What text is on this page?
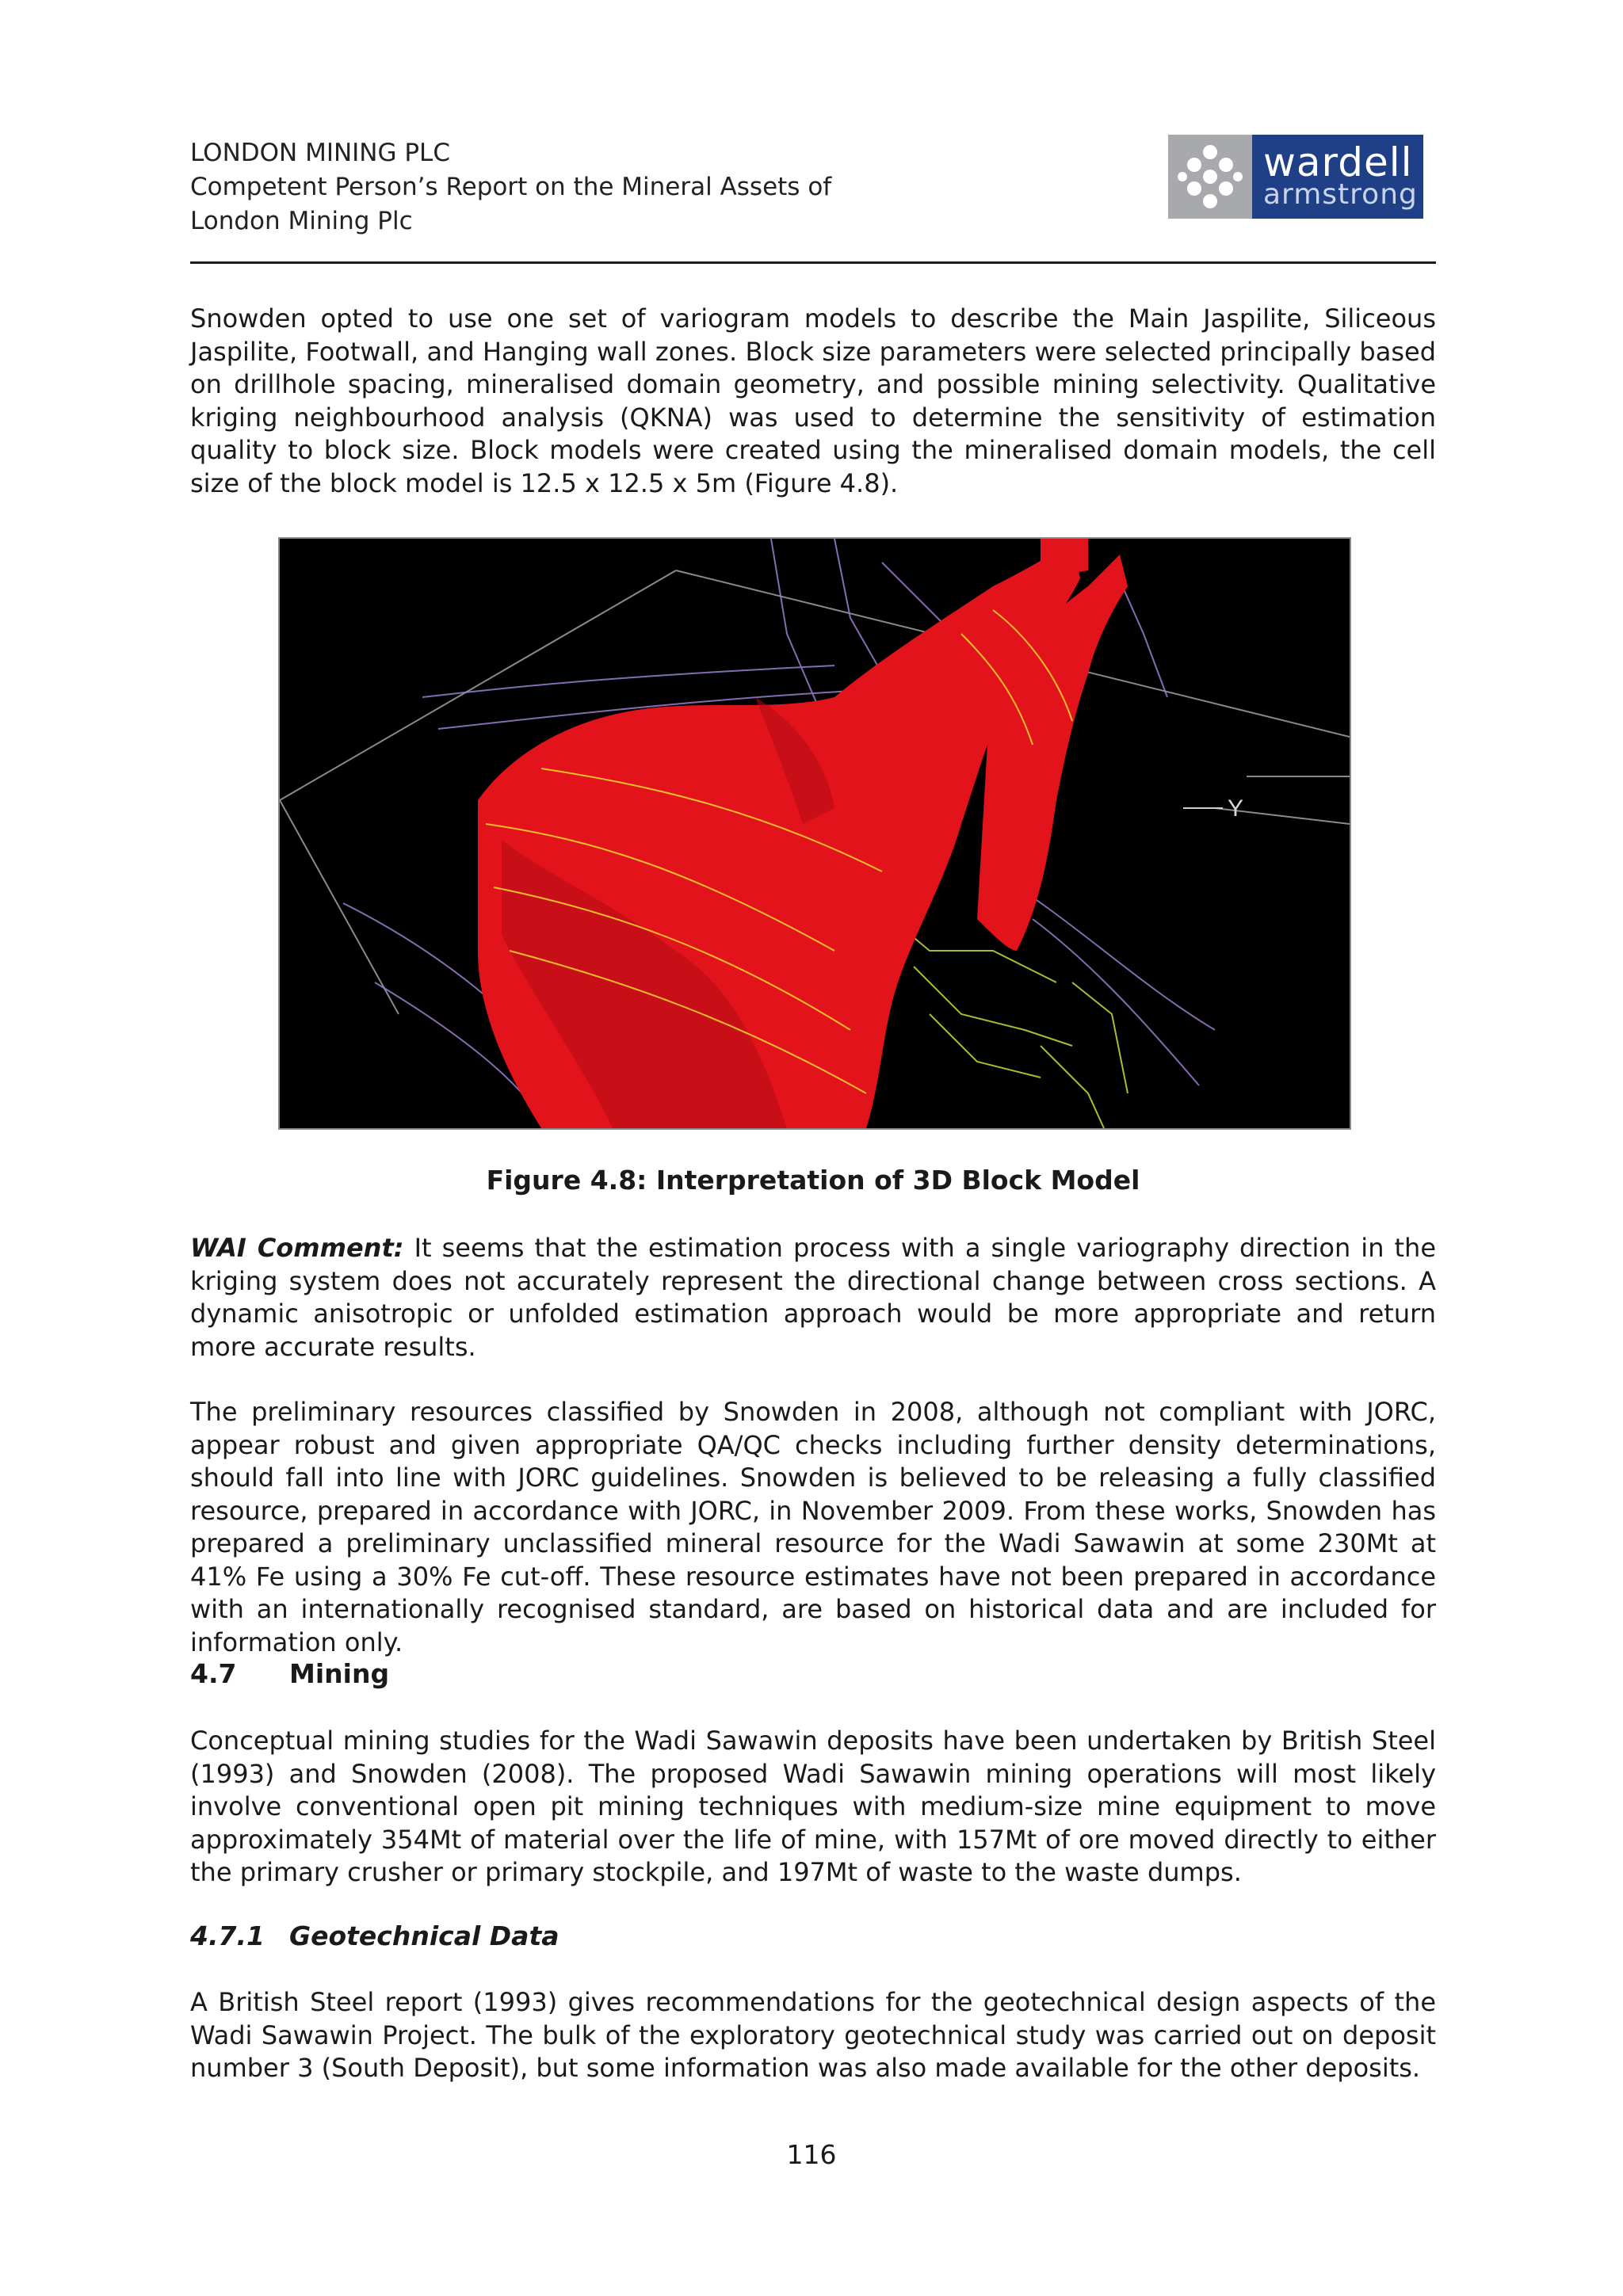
LONDON MINING PLC
Competent Person’s Report on the Mineral Assets of
London Mining Plc
wardell
armstrong
Snowden opted to use one set of variogram models to describe the Main Jaspilite, Siliceous Jaspilite, Footwall, and Hanging wall zones. Block size parameters were selected principally based on drillhole spacing, mineralised domain geometry, and possible mining selectivity. Qualitative kriging neighbourhood analysis (QKNA) was used to determine the sensitivity of estimation quality to block size. Block models were created using the mineralised domain models, the cell size of the block model is 12.5 x 12.5 x 5m (Figure 4.8).
Y
Figure 4.8: Interpretation of 3D Block Model
WAI Comment: It seems that the estimation process with a single variography direction in the kriging system does not accurately represent the directional change between cross sections. A dynamic anisotropic or unfolded estimation approach would be more appropriate and return more accurate results.
The preliminary resources classified by Snowden in 2008, although not compliant with JORC, appear robust and given appropriate QA/QC checks including further density determinations, should fall into line with JORC guidelines. Snowden is believed to be releasing a fully classified resource, prepared in accordance with JORC, in November 2009. From these works, Snowden has prepared a preliminary unclassified mineral resource for the Wadi Sawawin at some 230Mt at 41% Fe using a 30% Fe cut-off. These resource estimates have not been prepared in accordance with an internationally recognised standard, are based on historical data and are included for information only.
4.7 Mining
Conceptual mining studies for the Wadi Sawawin deposits have been undertaken by British Steel (1993) and Snowden (2008). The proposed Wadi Sawawin mining operations will most likely involve conventional open pit mining techniques with medium-size mine equipment to move approximately 354Mt of material over the life of mine, with 157Mt of ore moved directly to either the primary crusher or primary stockpile, and 197Mt of waste to the waste dumps.
4.7.1 Geotechnical Data
A British Steel report (1993) gives recommendations for the geotechnical design aspects of the Wadi Sawawin Project. The bulk of the exploratory geotechnical study was carried out on deposit number 3 (South Deposit), but some information was also made available for the other deposits.
116
